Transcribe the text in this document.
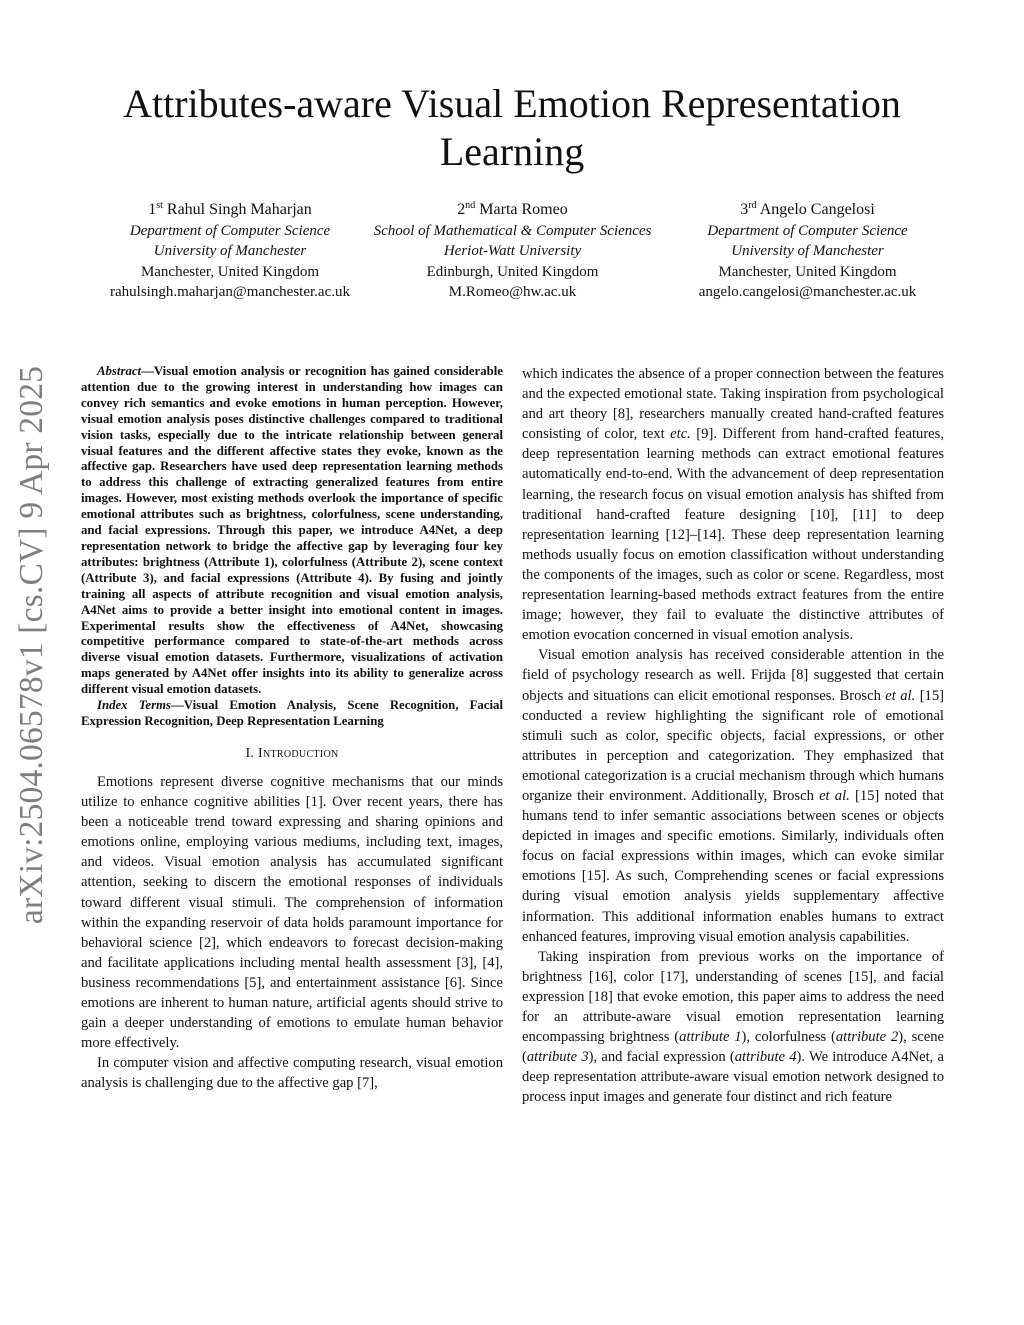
arXiv:2504.06578v1 [cs.CV] 9 Apr 2025
Attributes-aware Visual Emotion Representation Learning
1st Rahul Singh Maharjan
Department of Computer Science
University of Manchester
Manchester, United Kingdom
rahulsingh.maharjan@manchester.ac.uk
2nd Marta Romeo
School of Mathematical & Computer Sciences
Heriot-Watt University
Edinburgh, United Kingdom
M.Romeo@hw.ac.uk
3rd Angelo Cangelosi
Department of Computer Science
University of Manchester
Manchester, United Kingdom
angelo.cangelosi@manchester.ac.uk

Abstract—Visual emotion analysis or recognition has gained considerable attention due to the growing interest in understanding how images can convey rich semantics and evoke emotions in human perception. However, visual emotion analysis poses distinctive challenges compared to traditional vision tasks, especially due to the intricate relationship between general visual features and the different affective states they evoke, known as the affective gap. Researchers have used deep representation learning methods to address this challenge of extracting generalized features from entire images. However, most existing methods overlook the importance of specific emotional attributes such as brightness, colorfulness, scene understanding, and facial expressions. Through this paper, we introduce A4Net, a deep representation network to bridge the affective gap by leveraging four key attributes: brightness (Attribute 1), colorfulness (Attribute 2), scene context (Attribute 3), and facial expressions (Attribute 4). By fusing and jointly training all aspects of attribute recognition and visual emotion analysis, A4Net aims to provide a better insight into emotional content in images. Experimental results show the effectiveness of A4Net, showcasing competitive performance compared to state-of-the-art methods across diverse visual emotion datasets. Furthermore, visualizations of activation maps generated by A4Net offer insights into its ability to generalize across different visual emotion datasets.

Index Terms—Visual Emotion Analysis, Scene Recognition, Facial Expression Recognition, Deep Representation Learning

I. Introduction

Emotions represent diverse cognitive mechanisms that our minds utilize to enhance cognitive abilities [1]. Over recent years, there has been a noticeable trend toward expressing and sharing opinions and emotions online, employing various mediums, including text, images, and videos. Visual emotion analysis has accumulated significant attention, seeking to discern the emotional responses of individuals toward different visual stimuli. The comprehension of information within the expanding reservoir of data holds paramount importance for behavioral science [2], which endeavors to forecast decision-making and facilitate applications including mental health assessment [3], [4], business recommendations [5], and entertainment assistance [6]. Since emotions are inherent to human nature, artificial agents should strive to gain a deeper understanding of emotions to emulate human behavior more effectively.

In computer vision and affective computing research, visual emotion analysis is challenging due to the affective gap [7],

which indicates the absence of a proper connection between the features and the expected emotional state. Taking inspiration from psychological and art theory [8], researchers manually created hand-crafted features consisting of color, text etc. [9]. Different from hand-crafted features, deep representation learning methods can extract emotional features automatically end-to-end. With the advancement of deep representation learning, the research focus on visual emotion analysis has shifted from traditional hand-crafted feature designing [10], [11] to deep representation learning [12]–[14]. These deep representation learning methods usually focus on emotion classification without understanding the components of the images, such as color or scene. Regardless, most representation learning-based methods extract features from the entire image; however, they fail to evaluate the distinctive attributes of emotion evocation concerned in visual emotion analysis.

Visual emotion analysis has received considerable attention in the field of psychology research as well. Frijda [8] suggested that certain objects and situations can elicit emotional responses. Brosch et al. [15] conducted a review highlighting the significant role of emotional stimuli such as color, specific objects, facial expressions, or other attributes in perception and categorization. They emphasized that emotional categorization is a crucial mechanism through which humans organize their environment. Additionally, Brosch et al. [15] noted that humans tend to infer semantic associations between scenes or objects depicted in images and specific emotions. Similarly, individuals often focus on facial expressions within images, which can evoke similar emotions [15]. As such, Comprehending scenes or facial expressions during visual emotion analysis yields supplementary affective information. This additional information enables humans to extract enhanced features, improving visual emotion analysis capabilities.

Taking inspiration from previous works on the importance of brightness [16], color [17], understanding of scenes [15], and facial expression [18] that evoke emotion, this paper aims to address the need for an attribute-aware visual emotion representation learning encompassing brightness (attribute 1), colorfulness (attribute 2), scene (attribute 3), and facial expression (attribute 4). We introduce A4Net, a deep representation attribute-aware visual emotion network designed to process input images and generate four distinct and rich feature
